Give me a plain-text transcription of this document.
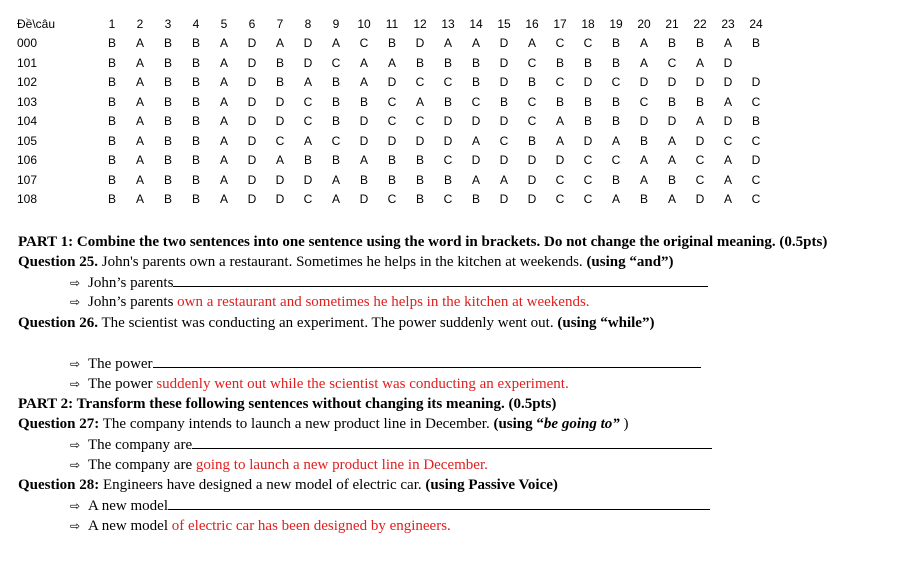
Đề\câu	1	2	3	4	5	6	7	8	9	10	11	12	13	14	15	16	17	18	19	20	21	22	23	24
000	B	A	B	B	A	D	A	D	A	C	B	D	A	A	D	A	C	C	B	A	B	B	A	B
101	B	A	B	B	A	D	B	D	C	A	A	B	B	B	D	C	B	B	B	A	C	A	D	
102	B	A	B	B	A	D	B	A	B	A	D	C	C	B	D	B	C	D	C	D	D	D	D	D
103	B	A	B	B	A	D	D	C	B	B	C	A	B	C	B	C	B	B	B	C	B	B	A	C
104	B	A	B	B	A	D	D	C	B	D	C	C	D	D	D	C	A	B	B	D	D	A	D	B
105	B	A	B	B	A	D	C	A	C	D	D	D	D	A	C	B	A	D	A	B	A	D	C	C
106	B	A	B	B	A	D	A	B	B	A	B	B	C	D	D	D	D	C	C	A	A	C	A	D
107	B	A	B	B	A	D	D	D	A	B	B	B	B	A	A	D	C	C	B	A	B	C	A	C
108	B	A	B	B	A	D	D	C	A	D	C	B	C	B	D	D	C	C	A	B	A	D	A	C
PART 1: Combine the two sentences into one sentence using the word in brackets. Do not change the original meaning. (0.5pts)
Question 25. John's parents own a restaurant. Sometimes he helps in the kitchen at weekends. (using “and”)
⇨ John’s parents
⇨ John’s parents own a restaurant and sometimes he helps in the kitchen at weekends.
Question 26. The scientist was conducting an experiment. The power suddenly went out. (using “while”)
⇨ The power
⇨ The power suddenly went out while the scientist was conducting an experiment.
PART 2: Transform these following sentences without changing its meaning. (0.5pts)
Question 27: The company intends to launch a new product line in December. (using “be going to” )
⇨ The company are
⇨ The company are going to launch a new product line in December.
Question 28: Engineers have designed a new model of electric car. (using Passive Voice)
⇨ A new model
⇨ A new model of electric car has been designed by engineers.
